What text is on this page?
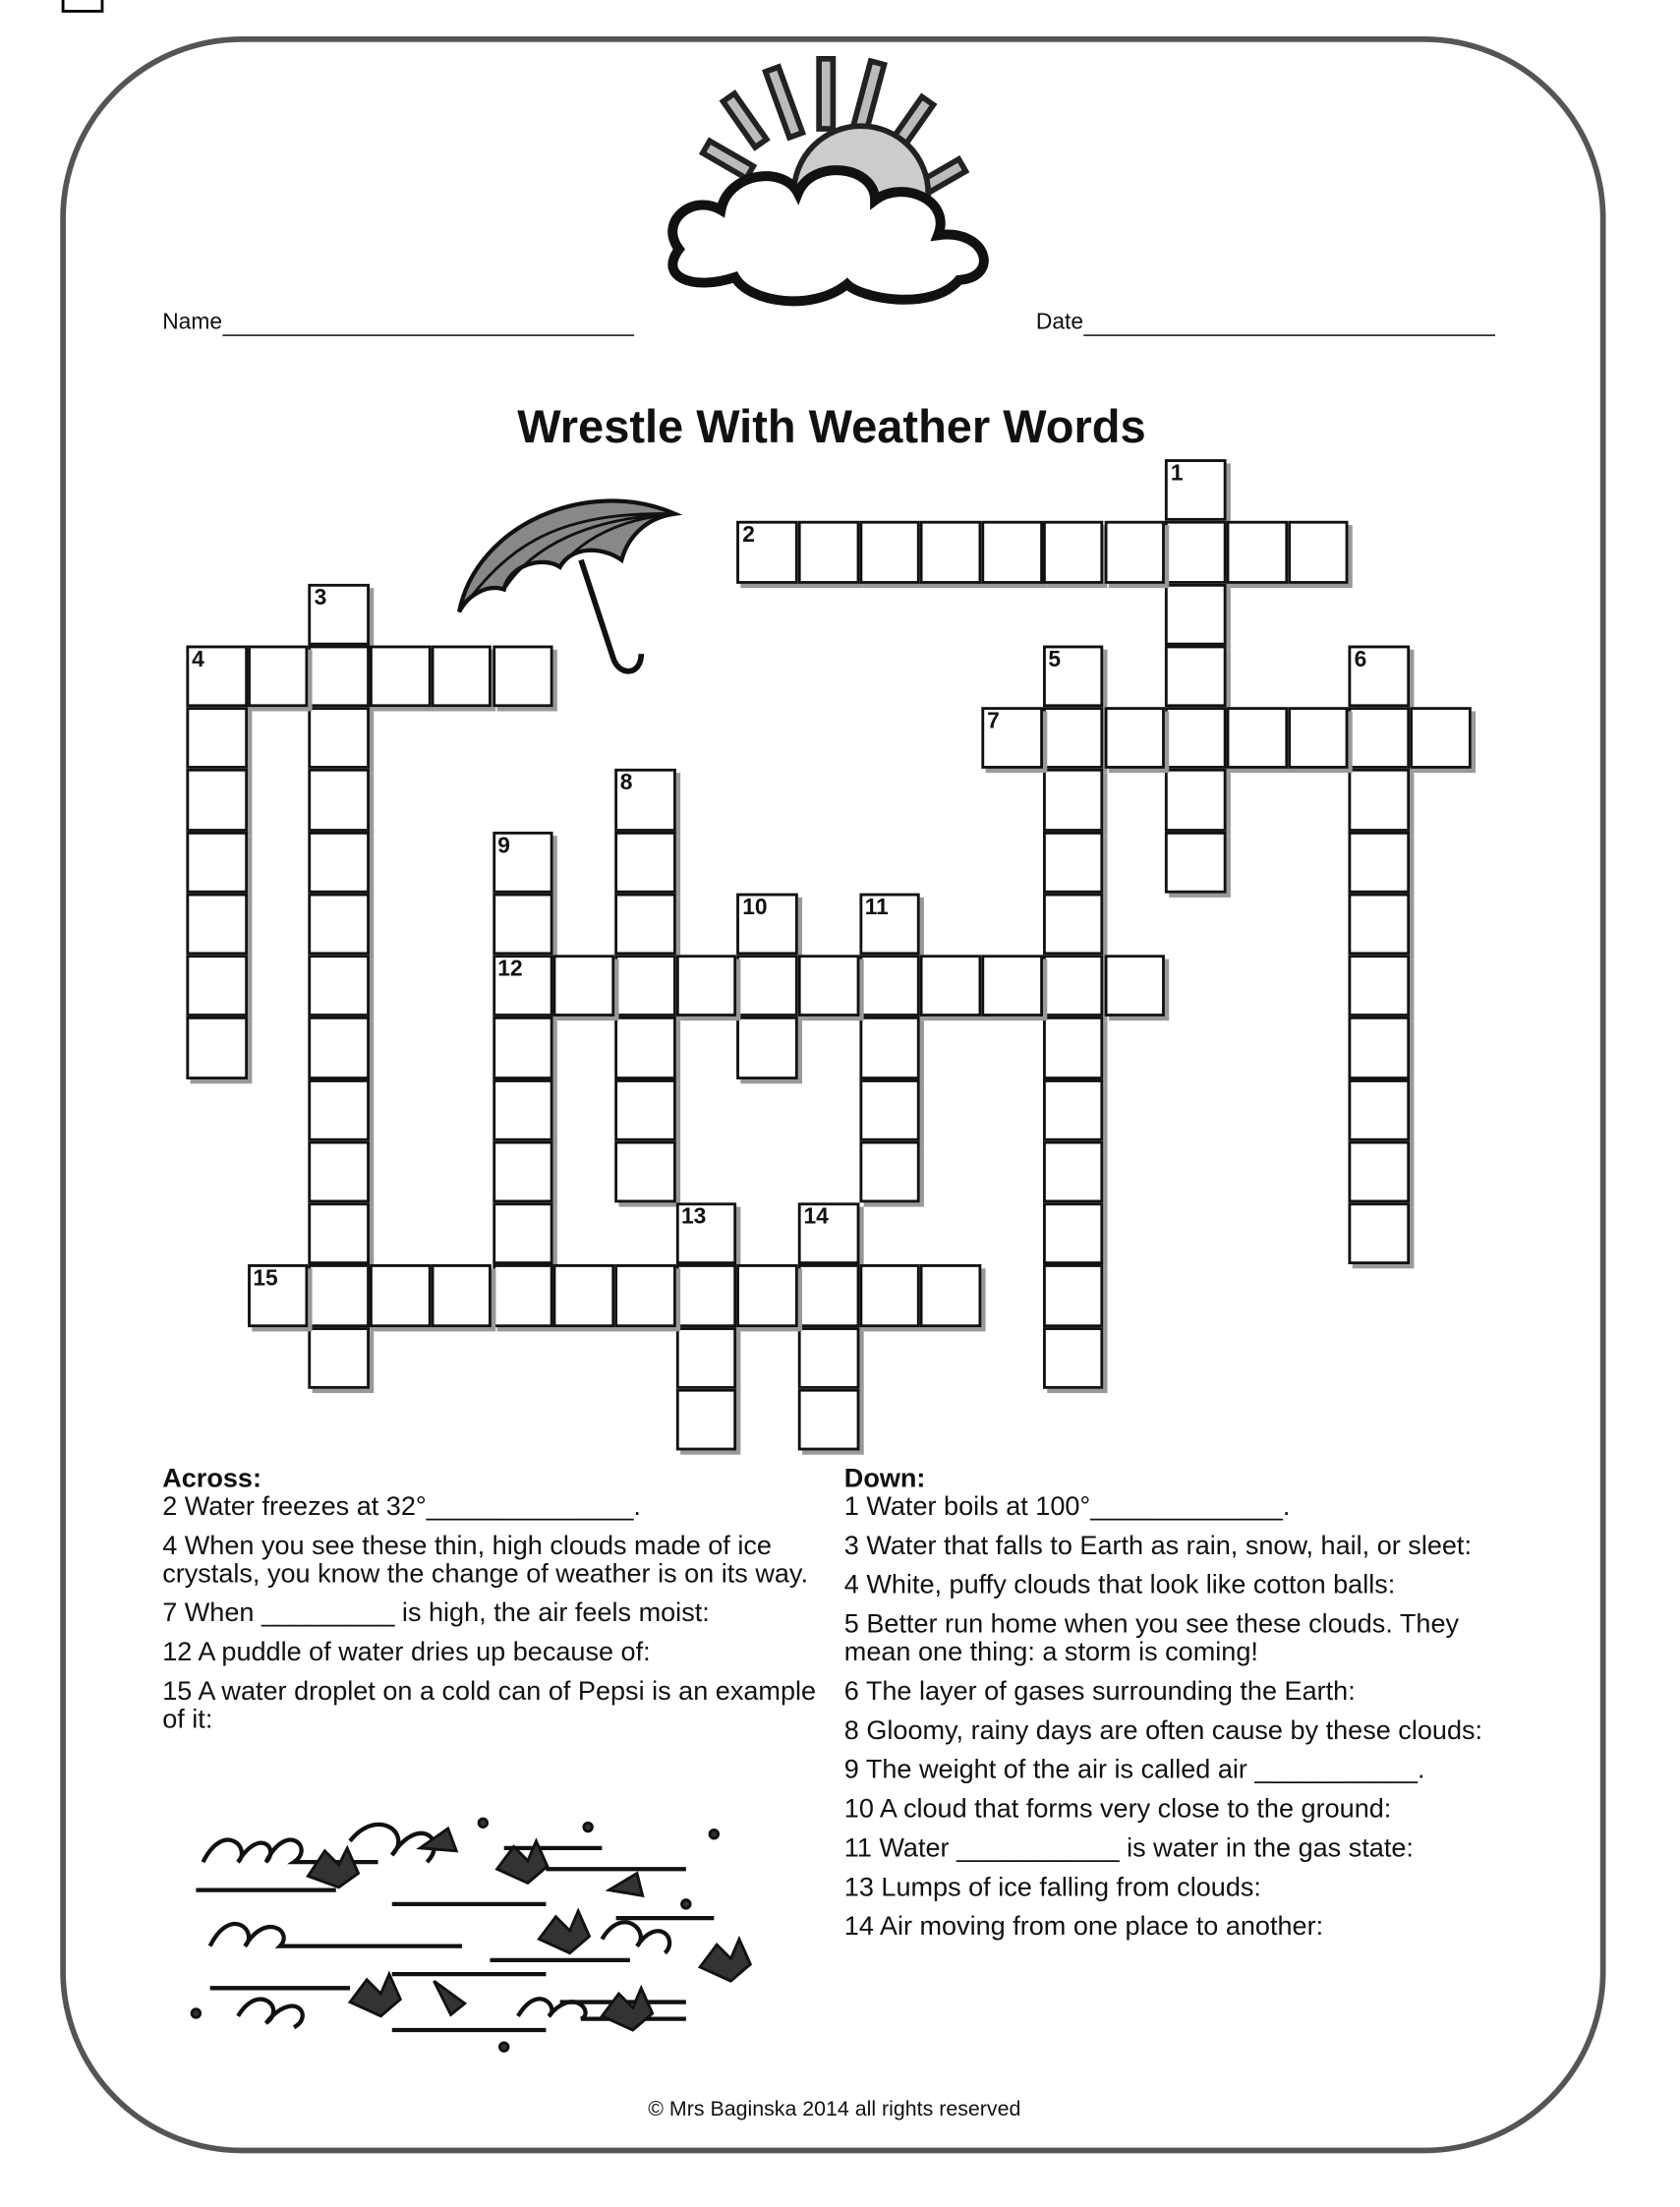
Name	Date
Wrestle With Weather Words
1
2
3
4	5	6
7
8
9
12
10	11
13	14
15
Across:
2 Water freezes at 32°______________.
4 When you see these thin, high clouds made of ice crystals, you know the change of weather is on its way.
7 When _________ is high, the air feels moist:
12 A puddle of water dries up because of:
15 A water droplet on a cold can of Pepsi is an example of it:
Down:
1 Water boils at 100°_____________.
3 Water that falls to Earth as rain, snow, hail, or sleet:
4 White, puffy clouds that look like cotton balls:
5 Better run home when you see these clouds. They mean one thing: a storm is coming!
6 The layer of gases surrounding the Earth:
8 Gloomy, rainy days are often cause by these clouds:
9 The weight of the air is called air ___________.
10 A cloud that forms very close to the ground:
11 Water ___________ is water in the gas state:
13 Lumps of ice falling from clouds:
14 Air moving from one place to another:
© Mrs Baginska 2014 all rights reserved
